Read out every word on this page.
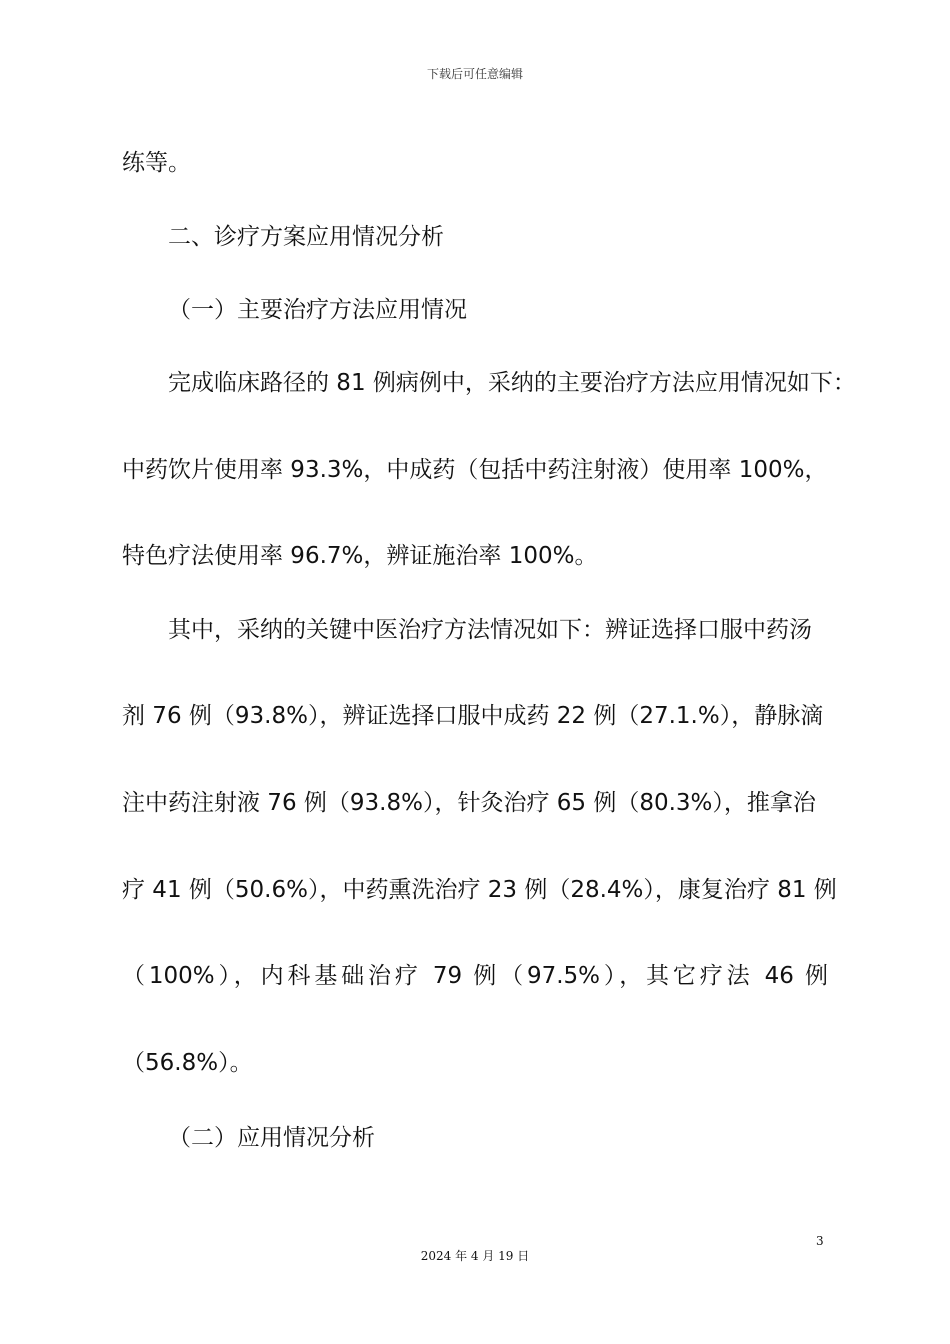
下载后可任意编辑
练等。
二、诊疗方案应用情况分析
（一）主要治疗方法应用情况
完成临床路径的 81 例病例中，采纳的主要治疗方法应用情况如下：
中药饮片使用率 93.3%，中成药（包括中药注射液）使用率 100%，
特色疗法使用率 96.7%，辨证施治率 100%。
其中，采纳的关键中医治疗方法情况如下：辨证选择口服中药汤
剂 76 例（93.8%），辨证选择口服中成药 22 例（27.1.%），静脉滴
注中药注射液 76 例（93.8%），针灸治疗 65 例（80.3%），推拿治
疗 41 例（50.6%），中药熏洗治疗 23 例（28.4%），康复治疗 81 例
（100%），内科基础治疗 79 例（97.5%），其它疗法 46 例
（56.8%）。
（二）应用情况分析
3
2024 年 4 月 19 日
